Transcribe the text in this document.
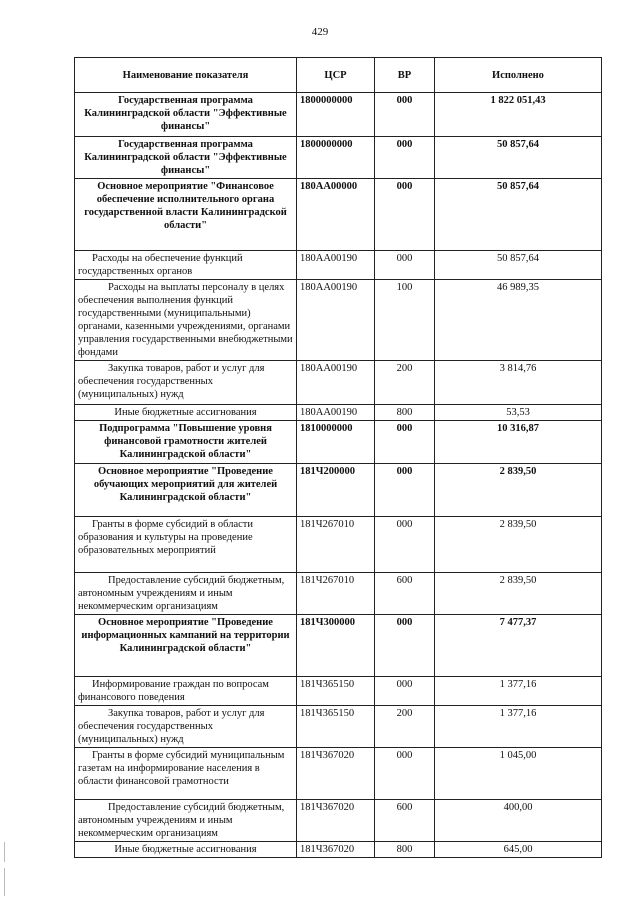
429
Наименование показателя	ЦСР	ВР	Исполнено
Государственная программа Калининградской области "Эффективные финансы"	1800000000	000	1 822 051,43
Государственная программа Калининградской области "Эффективные финансы"	1800000000	000	50 857,64
Основное мероприятие "Финансовое обеспечение исполнительного органа государственной власти Калининградской области"	180АА00000	000	50 857,64
Расходы на обеспечение функций государственных органов	180АА00190	000	50 857,64
Расходы на выплаты персоналу в целях обеспечения выполнения функций государственными (муниципальными) органами, казенными учреждениями, органами управления государственными внебюджетными фондами	180АА00190	100	46 989,35
Закупка товаров, работ и услуг для обеспечения государственных (муниципальных) нужд	180АА00190	200	3 814,76
Иные бюджетные ассигнования	180АА00190	800	53,53
Подпрограмма "Повышение уровня финансовой грамотности жителей Калининградской области"	1810000000	000	10 316,87
Основное мероприятие "Проведение обучающих мероприятий для жителей Калининградской области"	181Ч200000	000	2 839,50
Гранты в форме субсидий в области образования и культуры на проведение образовательных мероприятий	181Ч267010	000	2 839,50
Предоставление субсидий бюджетным, автономным учреждениям и иным некоммерческим организациям	181Ч267010	600	2 839,50
Основное мероприятие "Проведение информационных кампаний на территории Калининградской области"	181Ч300000	000	7 477,37
Информирование граждан по вопросам финансового поведения	181Ч365150	000	1 377,16
Закупка товаров, работ и услуг для обеспечения государственных (муниципальных) нужд	181Ч365150	200	1 377,16
Гранты в форме субсидий муниципальным газетам на информирование населения в области финансовой грамотности	181Ч367020	000	1 045,00
Предоставление субсидий бюджетным, автономным учреждениям и иным некоммерческим организациям	181Ч367020	600	400,00
Иные бюджетные ассигнования	181Ч367020	800	645,00
